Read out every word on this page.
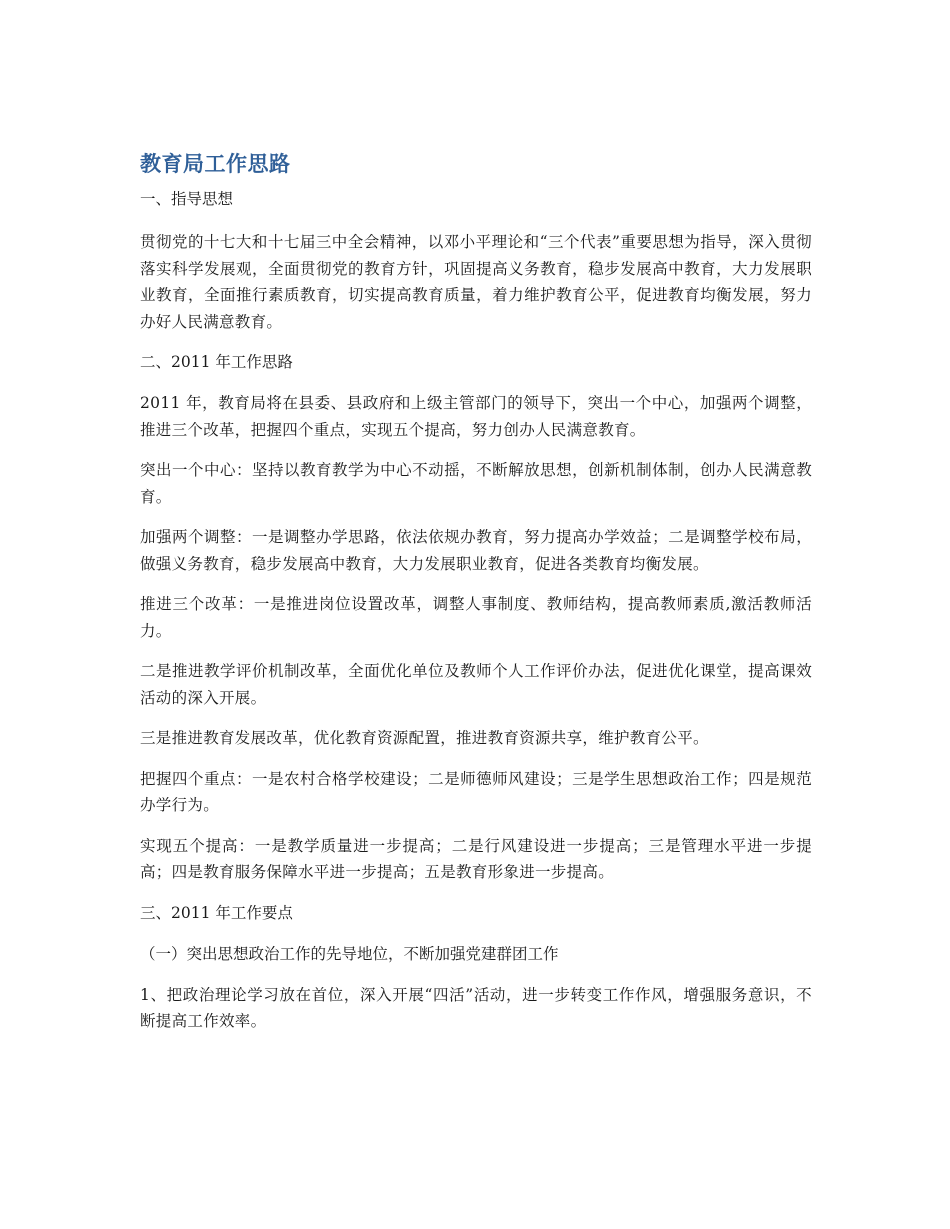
教育局工作思路
一、指导思想

贯彻党的十七大和十七届三中全会精神，以邓小平理论和“三个代表”重要思想为指导，深入贯彻落实科学发展观，全面贯彻党的教育方针，巩固提高义务教育，稳步发展高中教育，大力发展职业教育，全面推行素质教育，切实提高教育质量，着力维护教育公平，促进教育均衡发展，努力办好人民满意教育。

二、2011 年工作思路

2011 年，教育局将在县委、县政府和上级主管部门的领导下，突出一个中心，加强两个调整，推进三个改革，把握四个重点，实现五个提高，努力创办人民满意教育。

突出一个中心：坚持以教育教学为中心不动摇，不断解放思想，创新机制体制，创办人民满意教育。

加强两个调整：一是调整办学思路，依法依规办教育，努力提高办学效益；二是调整学校布局，做强义务教育，稳步发展高中教育，大力发展职业教育，促进各类教育均衡发展。

推进三个改革：一是推进岗位设置改革，调整人事制度、教师结构，提高教师素质,激活教师活力。

二是推进教学评价机制改革，全面优化单位及教师个人工作评价办法，促进优化课堂，提高课效活动的深入开展。

三是推进教育发展改革，优化教育资源配置，推进教育资源共享，维护教育公平。

把握四个重点：一是农村合格学校建设；二是师德师风建设；三是学生思想政治工作；四是规范办学行为。

实现五个提高：一是教学质量进一步提高；二是行风建设进一步提高；三是管理水平进一步提高；四是教育服务保障水平进一步提高；五是教育形象进一步提高。

三、2011 年工作要点
（一）突出思想政治工作的先导地位，不断加强党建群团工作

1、把政治理论学习放在首位，深入开展“四活”活动，进一步转变工作作风，增强服务意识，不断提高工作效率。
